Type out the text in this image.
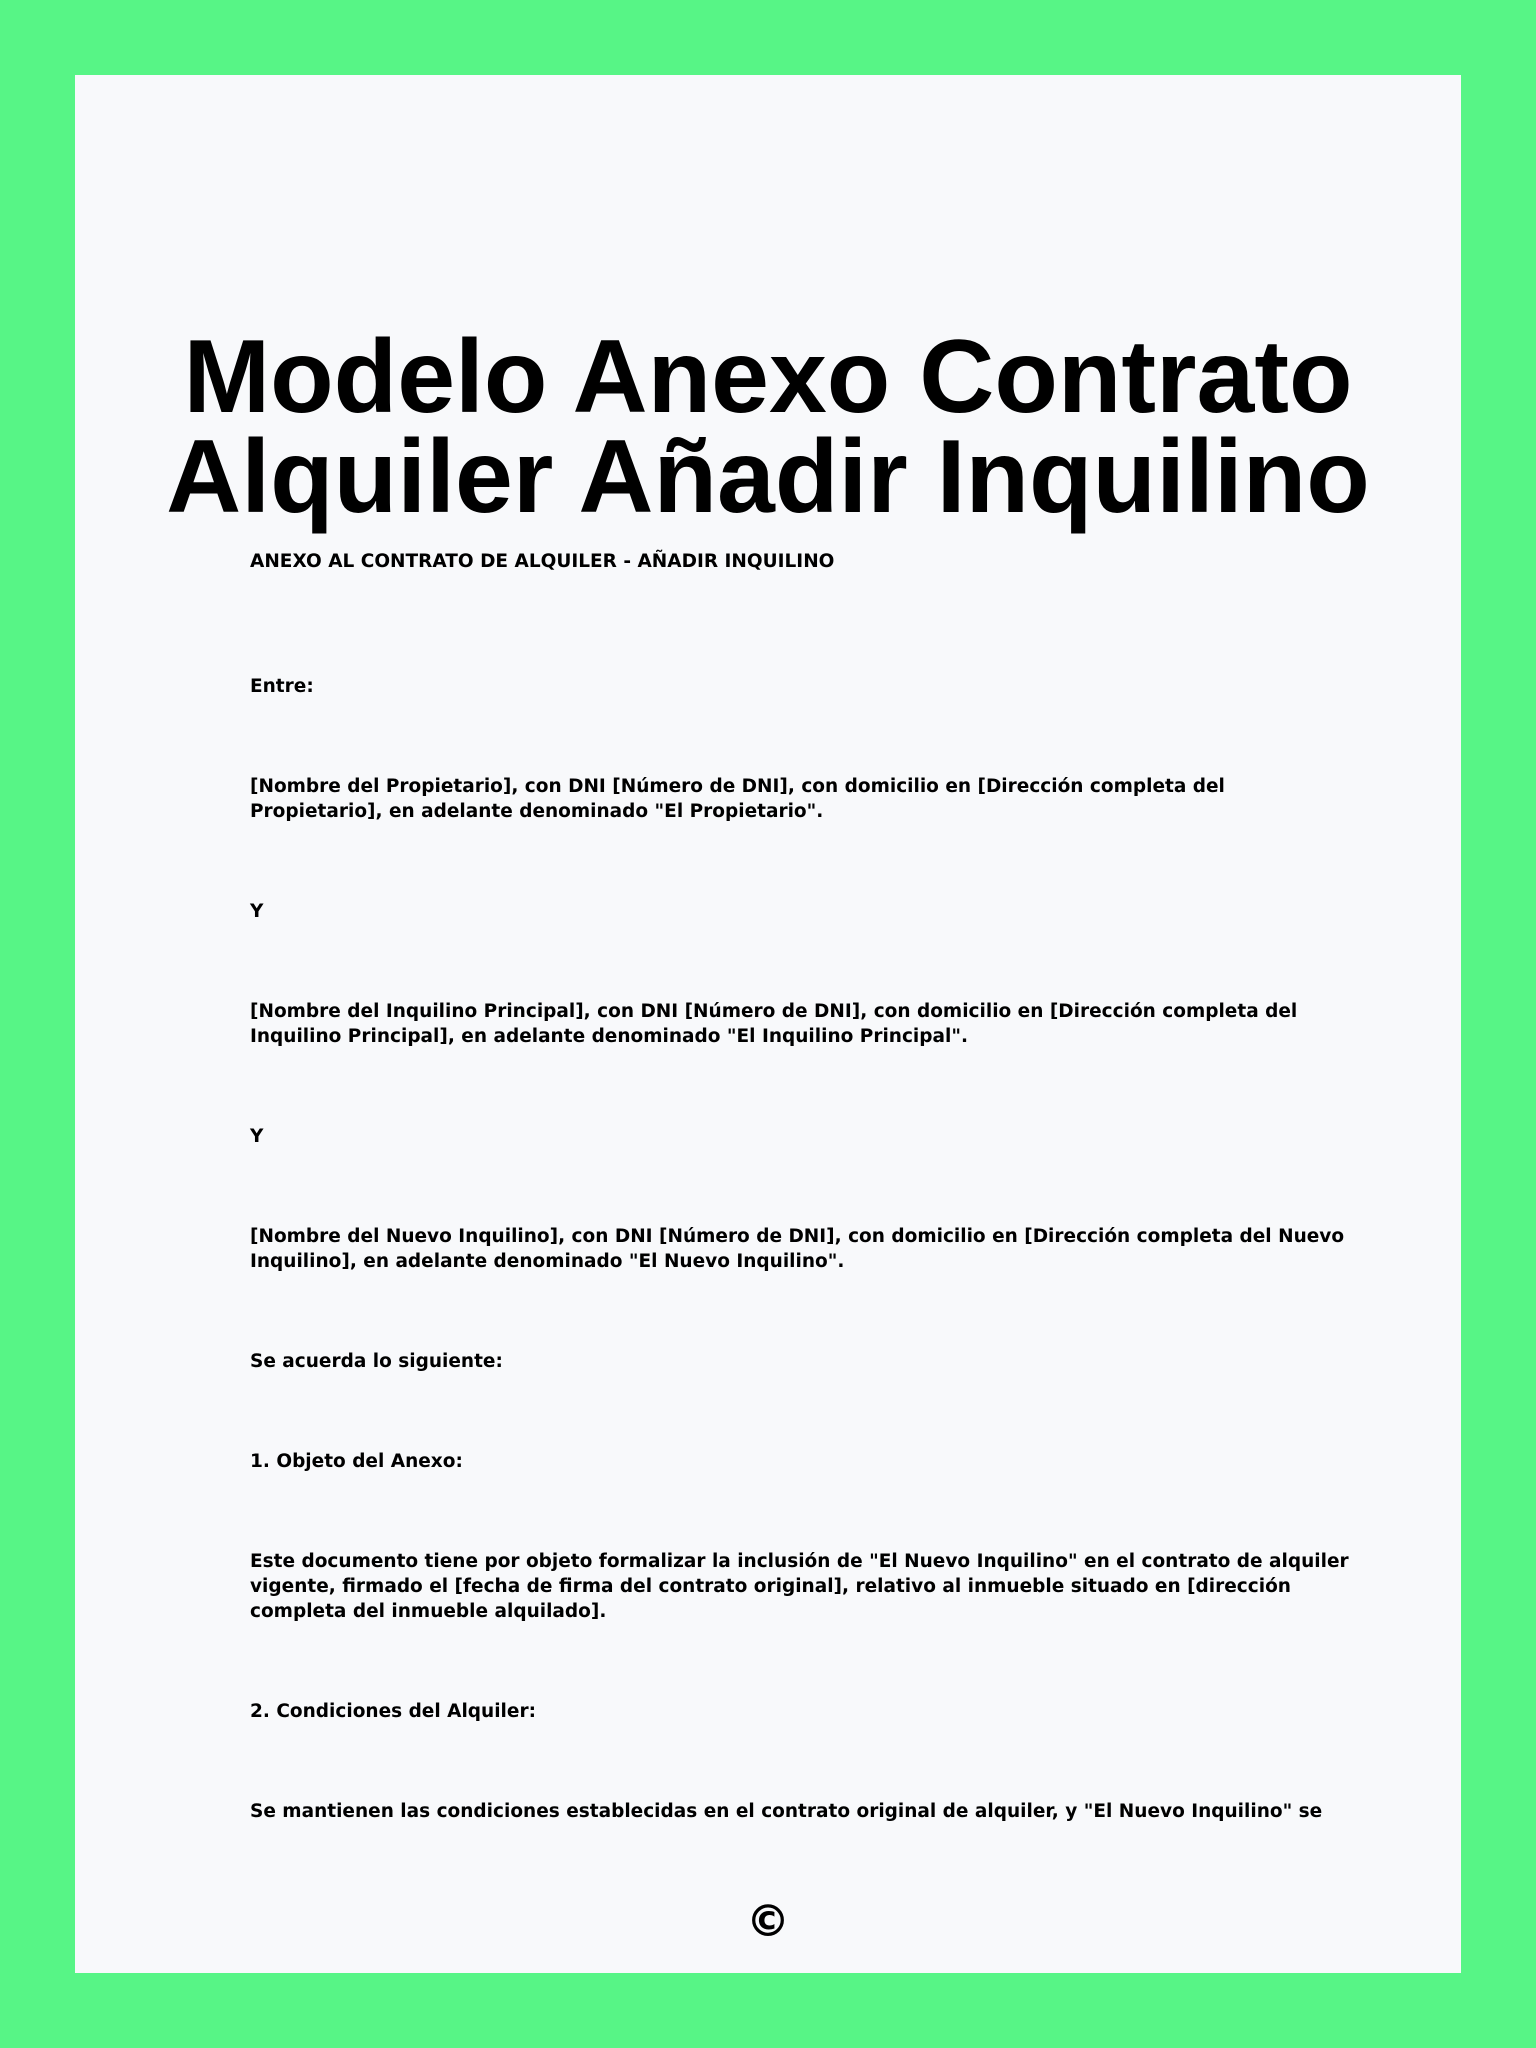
Modelo Anexo Contrato
Alquiler Añadir Inquilino

ANEXO AL CONTRATO DE ALQUILER - AÑADIR INQUILINO

Entre:

[Nombre del Propietario], con DNI [Número de DNI], con domicilio en [Dirección completa del Propietario], en adelante denominado "El Propietario".

Y

[Nombre del Inquilino Principal], con DNI [Número de DNI], con domicilio en [Dirección completa del Inquilino Principal], en adelante denominado "El Inquilino Principal".

Y

[Nombre del Nuevo Inquilino], con DNI [Número de DNI], con domicilio en [Dirección completa del Nuevo Inquilino], en adelante denominado "El Nuevo Inquilino".

Se acuerda lo siguiente:

1. Objeto del Anexo:

Este documento tiene por objeto formalizar la inclusión de "El Nuevo Inquilino" en el contrato de alquiler vigente, firmado el [fecha de firma del contrato original], relativo al inmueble situado en [dirección completa del inmueble alquilado].

2. Condiciones del Alquiler:

Se mantienen las condiciones establecidas en el contrato original de alquiler, y "El Nuevo Inquilino" se

©
